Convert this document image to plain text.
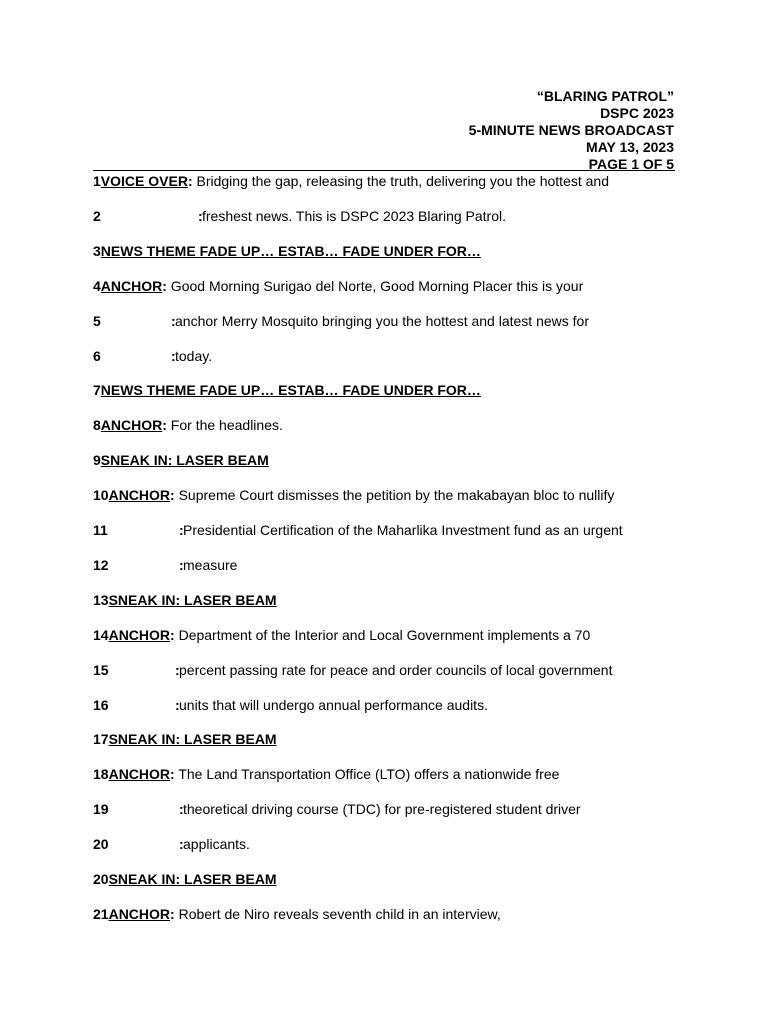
“BLARING PATROL”
DSPC 2023
5-MINUTE NEWS BROADCAST
MAY 13, 2023
PAGE 1 OF 5
1VOICE OVER: Bridging the gap, releasing the truth, delivering you the hottest and
2	: freshest news. This is DSPC 2023 Blaring Patrol.
3NEWS THEME FADE UP… ESTAB… FADE UNDER FOR…
4ANCHOR: Good Morning Surigao del Norte, Good Morning Placer this is your
5	: anchor Merry Mosquito bringing you the hottest and latest news for
6	: today.
7NEWS THEME FADE UP… ESTAB… FADE UNDER FOR…
8ANCHOR: For the headlines.
9SNEAK IN: LASER BEAM
10ANCHOR: Supreme Court dismisses the petition by the makabayan bloc to nullify
11	: Presidential Certification of the Maharlika Investment fund as an urgent
12	: measure
13SNEAK IN: LASER BEAM
14ANCHOR: Department of the Interior and Local Government implements a 70
15	: percent passing rate for peace and order councils of local government
16	: units that will undergo annual performance audits.
17SNEAK IN: LASER BEAM
18ANCHOR: The Land Transportation Office (LTO) offers a nationwide free
19	: theoretical driving course (TDC) for pre-registered student driver
20	: applicants.
20SNEAK IN: LASER BEAM
21ANCHOR: Robert de Niro reveals seventh child in an interview,
